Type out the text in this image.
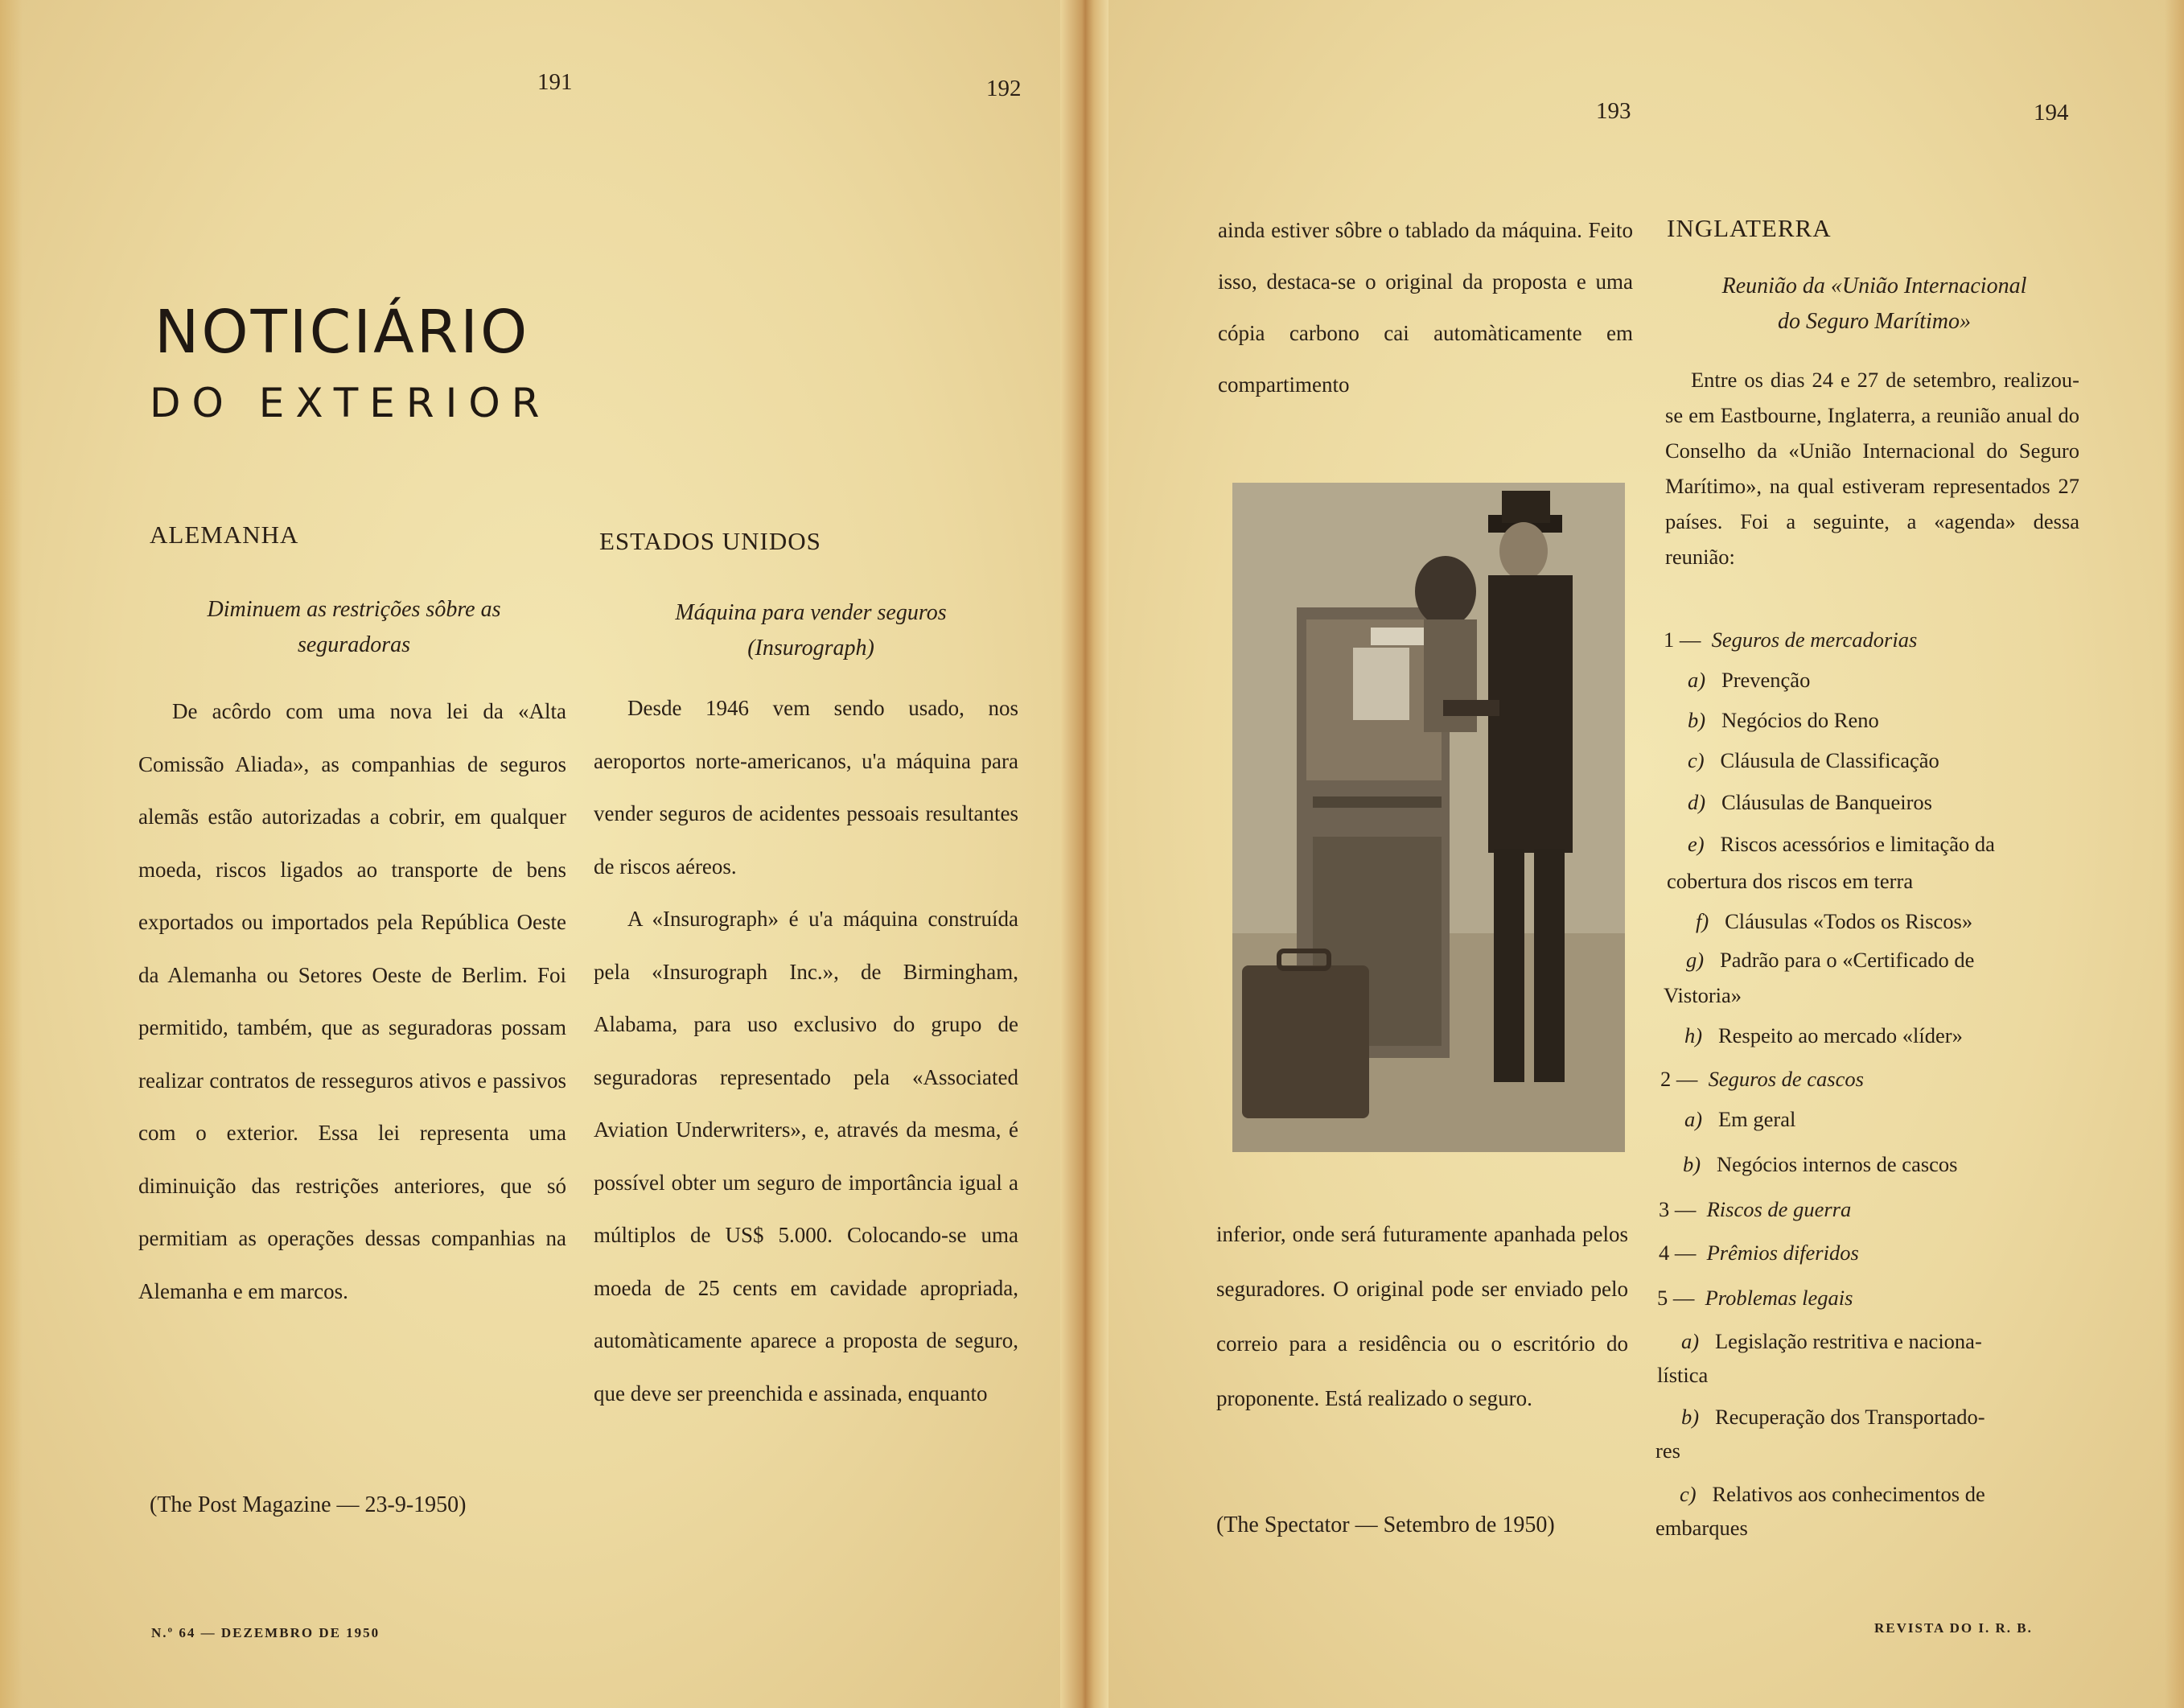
191	192
NOTICIÁRIO
DO EXTERIOR
ALEMANHA
Diminuem as restrições sôbre as
seguradoras

De acôrdo com uma nova lei da «Alta Comissão Aliada», as companhias de seguros alemãs estão autorizadas a cobrir, em qualquer moeda, riscos ligados ao transporte de bens exportados ou importados pela República Oeste da Alemanha ou Setores Oeste de Berlim. Foi permitido, também, que as seguradoras possam realizar contratos de resseguros ativos e passivos com o exterior. Essa lei representa uma diminuição das restrições anteriores, que só permitiam as operações dessas companhias na Alemanha e em marcos.

(The Post Magazine — 23-9-1950)
ESTADOS UNIDOS
Máquina para vender seguros
(Insurograph)

Desde 1946 vem sendo usado, nos aeroportos norte-americanos, u'a máquina para vender seguros de acidentes pessoais resultantes de riscos aéreos.

A «Insurograph» é u'a máquina construída pela «Insurograph Inc.», de Birmingham, Alabama, para uso exclusivo do grupo de seguradoras representado pela «Associated Aviation Underwriters», e, através da mesma, é possível obter um seguro de importância igual a múltiplos de US$ 5.000. Colocando-se uma moeda de 25 cents em cavidade apropriada, automàticamente aparece a proposta de seguro, que deve ser preenchida e assinada, enquanto

N.º 64 — DEZEMBRO DE 1950
193	194

ainda estiver sôbre o tablado da máquina. Feito isso, destaca-se o original da proposta e uma cópia carbono cai automàticamente em compartimento

inferior, onde será futuramente apanhada pelos seguradores. O original pode ser enviado pelo correio para a residência ou o escritório do proponente. Está realizado o seguro.

(The Spectator — Setembro de 1950)
INGLATERRA
Reunião da «União Internacional
do Seguro Marítimo»

Entre os dias 24 e 27 de setembro, realizou-se em Eastbourne, Inglaterra, a reunião anual do Conselho da «União Internacional do Seguro Marítimo», na qual estiveram representados 27 países. Foi a seguinte, a «agenda» dessa reunião:

1 — Seguros de mercadorias
a) Prevenção
b) Negócios do Reno
c) Cláusula de Classificação
d) Cláusulas de Banqueiros
e) Riscos acessórios e limitação da
cobertura dos riscos em terra
f) Cláusulas «Todos os Riscos»
g) Padrão para o «Certificado de
Vistoria»
h) Respeito ao mercado «líder»
2 — Seguros de cascos
a) Em geral
b) Negócios internos de cascos
3 — Riscos de guerra
4 — Prêmios diferidos
5 — Problemas legais
a) Legislação restritiva e naciona-
lística
b) Recuperação dos Transportado-
res
c) Relativos aos conhecimentos de
embarques
REVISTA DO I. R. B.
